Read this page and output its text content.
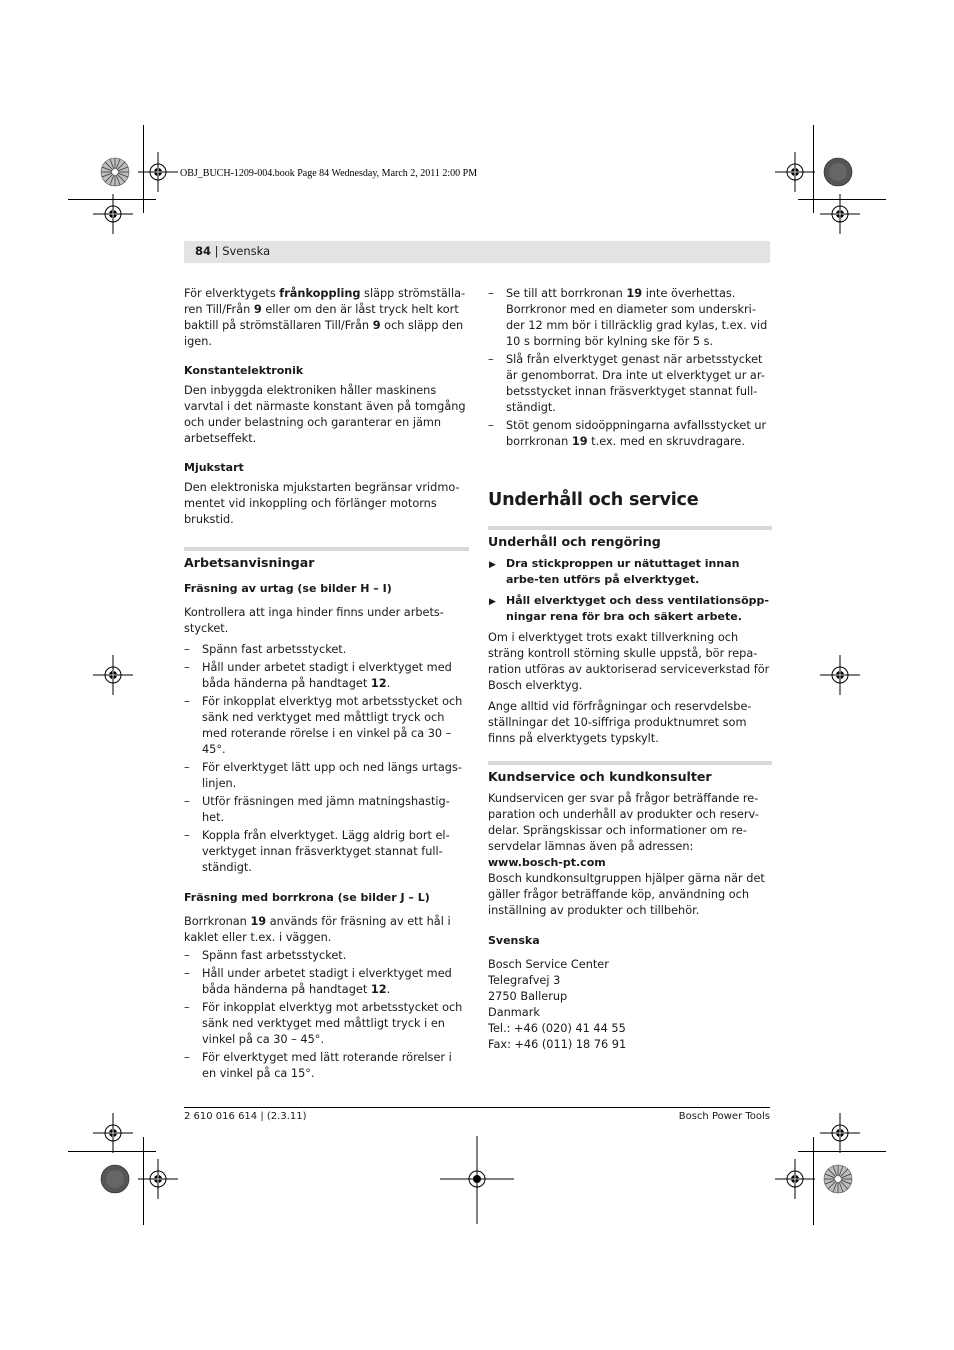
OBJ_BUCH-1209-004.book Page 84 Wednesday, March 2, 2011 2:00 PM
84 | Svenska

För elverktygets frånkoppling släpp strömställa-ren Till/Från 9 eller om den är låst tryck helt kort baktill på strömställaren Till/Från 9 och släpp den igen.

Konstantelektronik

Den inbyggda elektroniken håller maskinens varvtal i det närmaste konstant även på tomgång och under belastning och garanterar en jämn arbetseffekt.

Mjukstart

Den elektroniska mjukstarten begränsar vridmo-mentet vid inkoppling och förlänger motorns brukstid.

Arbetsanvisningar
Fräsning av urtag (se bilder H – I)

Kontrollera att inga hinder finns under arbets-stycket.

– Spänn fast arbetsstycket.
– Håll under arbetet stadigt i elverktyget med båda händerna på handtaget 12.
– För inkopplat elverktyg mot arbetsstycket och sänk ned verktyget med måttligt tryck och med roterande rörelse i en vinkel på ca 30 – 45°.
– För elverktyget lätt upp och ned längs urtags-linjen.
– Utför fräsningen med jämn matningshastig-het.
– Koppla från elverktyget. Lägg aldrig bort el-verktyget innan fräsverktyget stannat full-ständigt.
Fräsning med borrkrona (se bilder J – L)

Borrkronan 19 används för fräsning av ett hål i kaklet eller t.ex. i väggen.

– Spänn fast arbetsstycket.
– Håll under arbetet stadigt i elverktyget med båda händerna på handtaget 12.
– För inkopplat elverktyg mot arbetsstycket och sänk ned verktyget med måttligt tryck i en vinkel på ca 30 – 45°.
– För elverktyget med lätt roterande rörelser i en vinkel på ca 15°.
– Se till att borrkronan 19 inte överhettas. Borrkronor med en diameter som underskri-der 12 mm bör i tillräcklig grad kylas, t.ex. vid 10 s borrning bör kylning ske för 5 s.
– Slå från elverktyget genast när arbetsstycket är genomborrat. Dra inte ut elverktyget ur ar-betsstycket innan fräsverktyget stannat full-ständigt.
– Stöt genom sidoöppningarna avfallsstycket ur borrkronan 19 t.ex. med en skruvdragare.
Underhåll och service
Underhåll och rengöring
▶ Dra stickproppen ur nätuttaget innan arbe-ten utförs på elverktyget.
▶ Håll elverktyget och dess ventilationsöpp-ningar rena för bra och säkert arbete.

Om i elverktyget trots exakt tillverkning och sträng kontroll störning skulle uppstå, bör repa-ration utföras av auktoriserad serviceverkstad för Bosch elverktyg.

Ange alltid vid förfrågningar och reservdelsbe-ställningar det 10-siffriga produktnumret som finns på elverktygets typskylt.

Kundservice och kundkonsulter

Kundservicen ger svar på frågor beträffande re-paration och underhåll av produkter och reserv-delar. Sprängskissar och informationer om re-servdelar lämnas även på adressen:

www.bosch-pt.com

Bosch kundkonsultgruppen hjälper gärna när det gäller frågor beträffande köp, användning och inställning av produkter och tillbehör.

Svenska
Bosch Service Center
Telegrafvej 3
2750 Ballerup
Danmark
Tel.: +46 (020) 41 44 55
Fax: +46 (011) 18 76 91
2 610 016 614 | (2.3.11)	Bosch Power Tools
